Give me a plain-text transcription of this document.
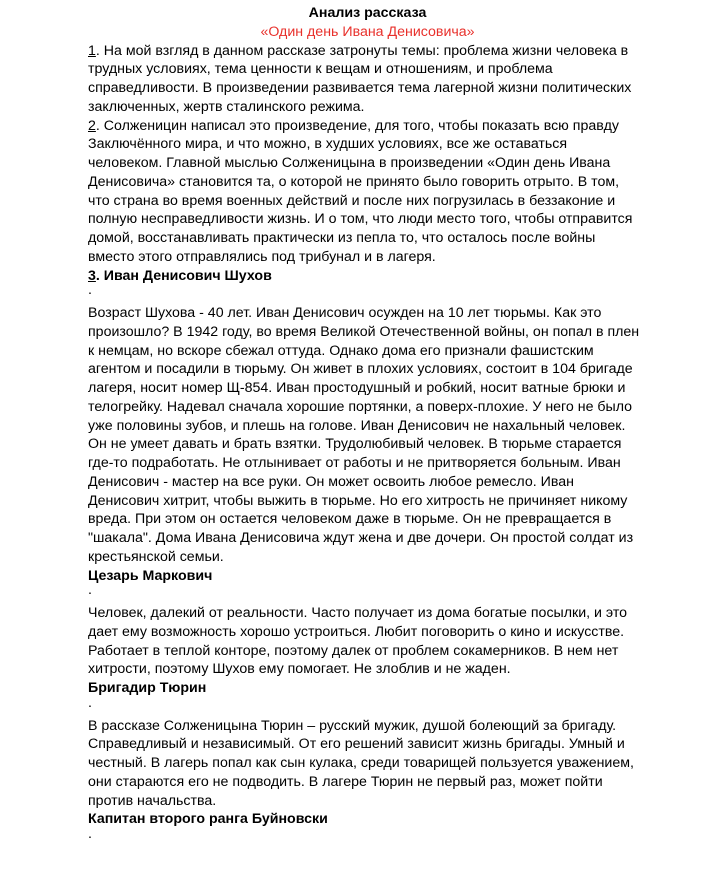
Анализ рассказа

«Один день Ивана Денисовича»

1. На мой взгляд в данном рассказе затронуты темы: проблема жизни человека в трудных условиях, тема ценности к вещам и отношениям, и проблема справедливости. В произведении развивается тема лагерной жизни политических заключенных, жертв сталинского режима.

2. Солженицин написал это произведение, для того, чтобы показать всю правду Заключённого мира, и что можно, в худших условиях, все же оставаться человеком. Главной мыслью Солженицына в произведении «Один день Ивана Денисовича» становится та, о которой не принято было говорить отрыто. В том, что страна во время военных действий и после них погрузилась в беззаконие и полную несправедливости жизнь. И о том, что люди место того, чтобы отправится домой, восстанавливать практически из пепла то, что осталось после войны вместо этого отправлялись под трибунал и в лагеря.

3. Иван Денисович Шухов

.

Возраст Шухова - 40 лет. Иван Денисович осужден на 10 лет тюрьмы. Как это произошло? В 1942 году, во время Великой Отечественной войны, он попал в плен к немцам, но вскоре сбежал оттуда. Однако дома его признали фашистским агентом и посадили в тюрьму. Он живет в плохих условиях, состоит в 104 бригаде лагеря, носит номер Щ-854. Иван простодушный и робкий, носит ватные брюки и телогрейку. Надевал сначала хорошие портянки, а поверх-плохие. У него не было уже половины зубов, и плешь на голове. Иван Денисович не нахальный человек. Он не умеет давать и брать взятки. Трудолюбивый человек. В тюрьме старается где-то подработать. Не отлынивает от работы и не притворяется больным. Иван Денисович - мастер на все руки. Он может освоить любое ремесло. Иван Денисович хитрит, чтобы выжить в тюрьме. Но его хитрость не причиняет никому вреда. При этом он остается человеком даже в тюрьме. Он не превращается в "шакала". Дома Ивана Денисовича ждут жена и две дочери. Он простой солдат из крестьянской семьи.

Цезарь Маркович

.

Человек, далекий от реальности. Часто получает из дома богатые посылки, и это дает ему возможность хорошо устроиться. Любит поговорить о кино и искусстве. Работает в теплой конторе, поэтому далек от проблем сокамерников. В нем нет хитрости, поэтому Шухов ему помогает. Не злоблив и не жаден.

Бригадир Тюрин

.

В рассказе Солженицына Тюрин – русский мужик, душой болеющий за бригаду. Справедливый и независимый. От его решений зависит жизнь бригады. Умный и честный. В лагерь попал как сын кулака, среди товарищей пользуется уважением, они стараются его не подводить. В лагере Тюрин не первый раз, может пойти против начальства.

Капитан второго ранга Буйновски

.
